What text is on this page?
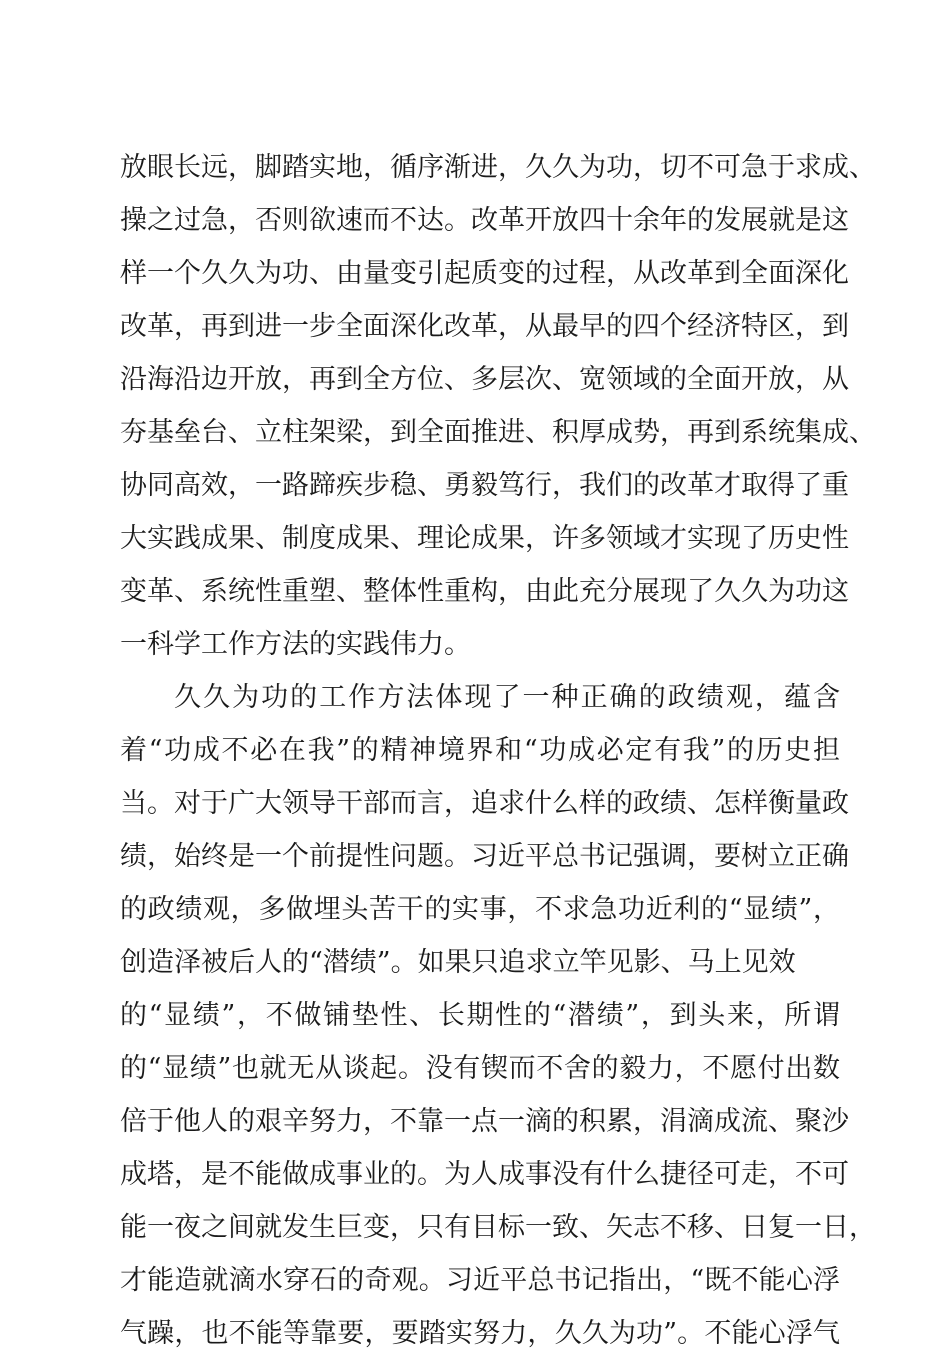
放眼长远，脚踏实地，循序渐进，久久为功，切不可急于求成、
操之过急，否则欲速而不达。改革开放四十余年的发展就是这
样一个久久为功、由量变引起质变的过程，从改革到全面深化
改革，再到进一步全面深化改革，从最早的四个经济特区，到
沿海沿边开放，再到全方位、多层次、宽领域的全面开放，从
夯基垒台、立柱架梁，到全面推进、积厚成势，再到系统集成、
协同高效，一路蹄疾步稳、勇毅笃行，我们的改革才取得了重
大实践成果、制度成果、理论成果，许多领域才实现了历史性
变革、系统性重塑、整体性重构，由此充分展现了久久为功这
一科学工作方法的实践伟力。
久久为功的工作方法体现了一种正确的政绩观，蕴含
着“功成不必在我”的精神境界和“功成必定有我”的历史担
当。对于广大领导干部而言，追求什么样的政绩、怎样衡量政
绩，始终是一个前提性问题。习近平总书记强调，要树立正确
的政绩观，多做埋头苦干的实事，不求急功近利的“显绩”，
创造泽被后人的“潜绩”。如果只追求立竿见影、马上见效
的“显绩”，不做铺垫性、长期性的“潜绩”，到头来，所谓
的“显绩”也就无从谈起。没有锲而不舍的毅力，不愿付出数
倍于他人的艰辛努力，不靠一点一滴的积累，涓滴成流、聚沙
成塔，是不能做成事业的。为人成事没有什么捷径可走，不可
能一夜之间就发生巨变，只有目标一致、矢志不移、日复一日，
才能造就滴水穿石的奇观。习近平总书记指出，“既不能心浮
气躁，也不能等靠要，要踏实努力，久久为功”。不能心浮气
